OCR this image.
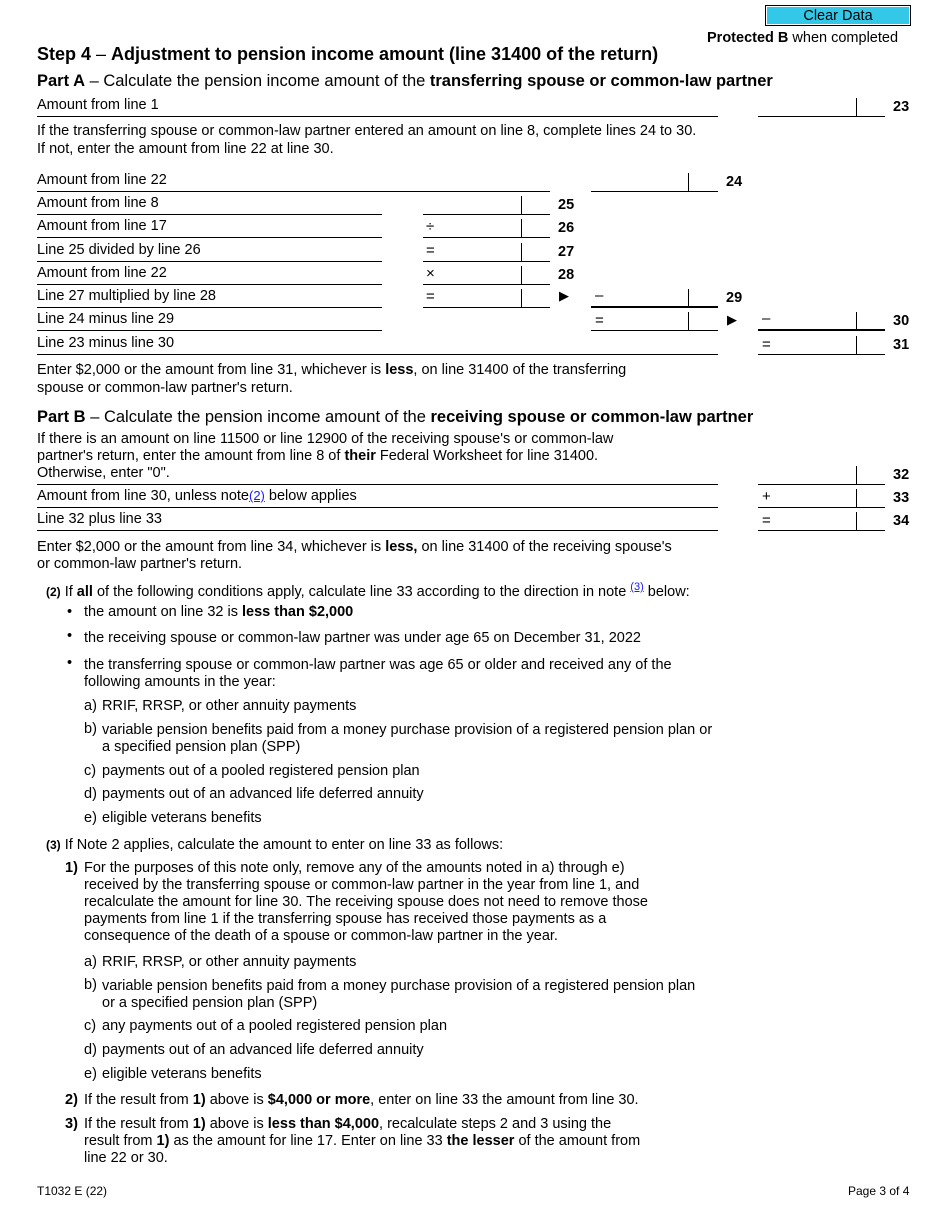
Clear Data
Protected B when completed
Step 4 – Adjustment to pension income amount (line 31400 of the return)
Part A – Calculate the pension income amount of the transferring spouse or common-law partner
Amount from line 1	23
If the transferring spouse or common-law partner entered an amount on line 8, complete lines 24 to 30.
If not, enter the amount from line 22 at line 30.
Amount from line 22	24
Amount from line 8	25
Amount from line 17	÷	26
Line 25 divided by line 26	=	27
Amount from line 22	×	28
Line 27 multiplied by line 28	=	▶ –	29
Line 24 minus line 29	=	▶ –	30
Line 23 minus line 30	=	31
Enter $2,000 or the amount from line 31, whichever is less, on line 31400 of the transferring
spouse or common-law partner's return.
Part B – Calculate the pension income amount of the receiving spouse or common-law partner
If there is an amount on line 11500 or line 12900 of the receiving spouse's or common-law
partner's return, enter the amount from line 8 of their Federal Worksheet for line 31400.
Otherwise, enter "0".	32
Amount from line 30, unless note(2) below applies	+	33
Line 32 plus line 33	=	34
Enter $2,000 or the amount from line 34, whichever is less, on line 31400 of the receiving spouse's
or common-law partner's return.
(2) If all of the following conditions apply, calculate line 33 according to the direction in note $^{(3)}$ below:
• the amount on line 32 is less than $2,000
• the receiving spouse or common-law partner was under age 65 on December 31, 2022
• the transferring spouse or common-law partner was age 65 or older and received any of the
following amounts in the year:
a) RRIF, RRSP, or other annuity payments
b) variable pension benefits paid from a money purchase provision of a registered pension plan or
a specified pension plan (SPP)
c) payments out of a pooled registered pension plan
d) payments out of an advanced life deferred annuity
e) eligible veterans benefits
(3) If Note 2 applies, calculate the amount to enter on line 33 as follows:
1) For the purposes of this note only, remove any of the amounts noted in a) through e)
received by the transferring spouse or common-law partner in the year from line 1, and
recalculate the amount for line 30. The receiving spouse does not need to remove those
payments from line 1 if the transferring spouse has received those payments as a
consequence of the death of a spouse or common-law partner in the year.
a) RRIF, RRSP, or other annuity payments
b) variable pension benefits paid from a money purchase provision of a registered pension plan
or a specified pension plan (SPP)
c) any payments out of a pooled registered pension plan
d) payments out of an advanced life deferred annuity
e) eligible veterans benefits
2) If the result from 1) above is $4,000 or more, enter on line 33 the amount from line 30.
3) If the result from 1) above is less than $4,000, recalculate steps 2 and 3 using the
result from 1) as the amount for line 17. Enter on line 33 the lesser of the amount from
line 22 or 30.
T1032 E (22)	Page 3 of 4
